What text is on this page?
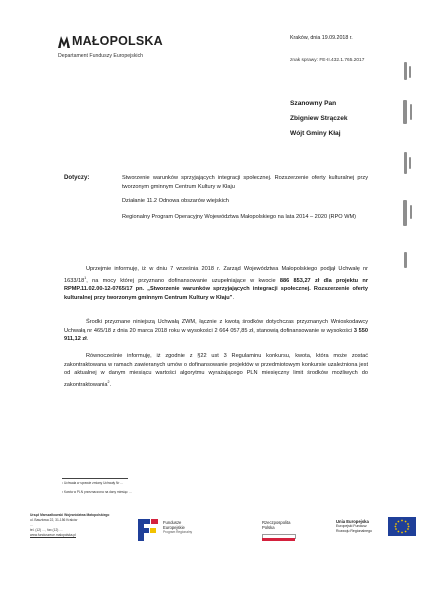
MAŁOPOLSKA
Departament Funduszy Europejskich
Kraków, dnia 19.09.2018 r.
znak sprawy: FE-II.432.1.765.2017
Szanowny Pan
Zbigniew Strączek
Wójt Gminy Kłaj
Dotyczy:	Stworzenie warunków sprzyjających integracji społecznej. Rozszerzenie oferty kulturalnej przy tworzonym gminnym Centrum Kultury w Kłaju
Działanie 11.2 Odnowa obszarów wiejskich
Regionalny Program Operacyjny Województwa Małopolskiego na lata 2014 – 2020 (RPO WM)
Uprzejmie informuję, iż w dniu 7 września 2018 r. Zarząd Województwa Małopolskiego podjął Uchwałę nr $1633/18^1$, na mocy której przyznano dofinansowanie uzupełniające w kwocie 886 853,27 zł dla projektu nr RPMP.11.02.00-12-0765/17 pn. „Stworzenie warunków sprzyjających integracji społecznej. Rozszerzenie oferty kulturalnej przy tworzonym gminnym Centrum Kultury w Kłaju”.
Środki przyznane niniejszą Uchwałą ZWM, łącznie z kwotą środków dotychczas przyznanych Wnioskodawcy Uchwałą nr 465/18 z dnia 20 marca 2018 roku w wysokości 2 664 057,85 zł, stanowią dofinansowanie w wysokości 3 550 911,12 zł.
Równocześnie informuję, iż zgodnie z §22 ust 3 Regulaminu konkursu, kwota, która może zostać zakontraktowana w ramach zawieranych umów o dofinansowanie projektów w przedmiotowym konkursie uzależniona jest od aktualnej w danym miesiącu wartości algorytmu wyrażającego PLN miesięczny limit środków możliwych do zakontraktowania$^2$.
¹ Uchwała w sprawie zmiany Uchwały Nr …
² Kwota w PLN przeznaczona na dany miesiąc …
Urząd Marszałkowski Województwa Małopolskiego
ul. Basztowa 22, 31-156 Kraków
…
tel. (12) …, fax (12) …
www.funduszeue.malopolska.pl
Fundusze
Europejskie
Program Regionalny
Rzeczpospolita
Polska
Unia Europejska
Europejski Fundusz
Rozwoju Regionalnego
